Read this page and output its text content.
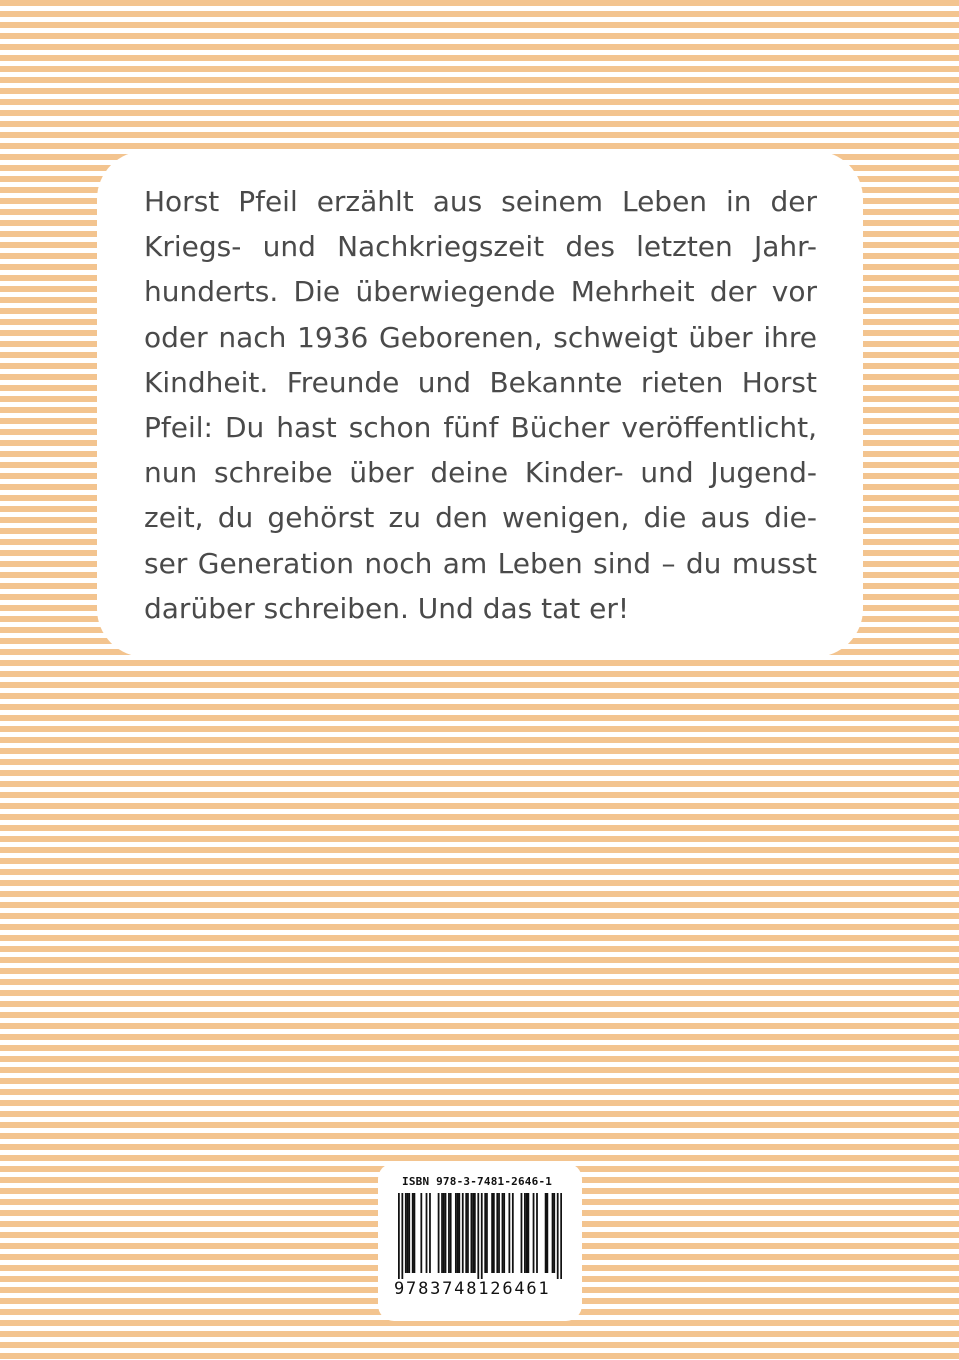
Horst Pfeil erzählt aus seinem Leben in der
Kriegs- und Nachkriegszeit des letzten Jahr-
hunderts. Die überwiegende Mehrheit der vor
oder nach 1936 Geborenen, schweigt über ihre
Kindheit. Freunde und Bekannte rieten Horst
Pfeil: Du hast schon fünf Bücher veröffentlicht,
nun schreibe über deine Kinder- und Jugend-
zeit, du gehörst zu den wenigen, die aus die-
ser Generation noch am Leben sind – du musst
darüber schreiben. Und das tat er!
ISBN 978-3-7481-2646-1
9783748126461
